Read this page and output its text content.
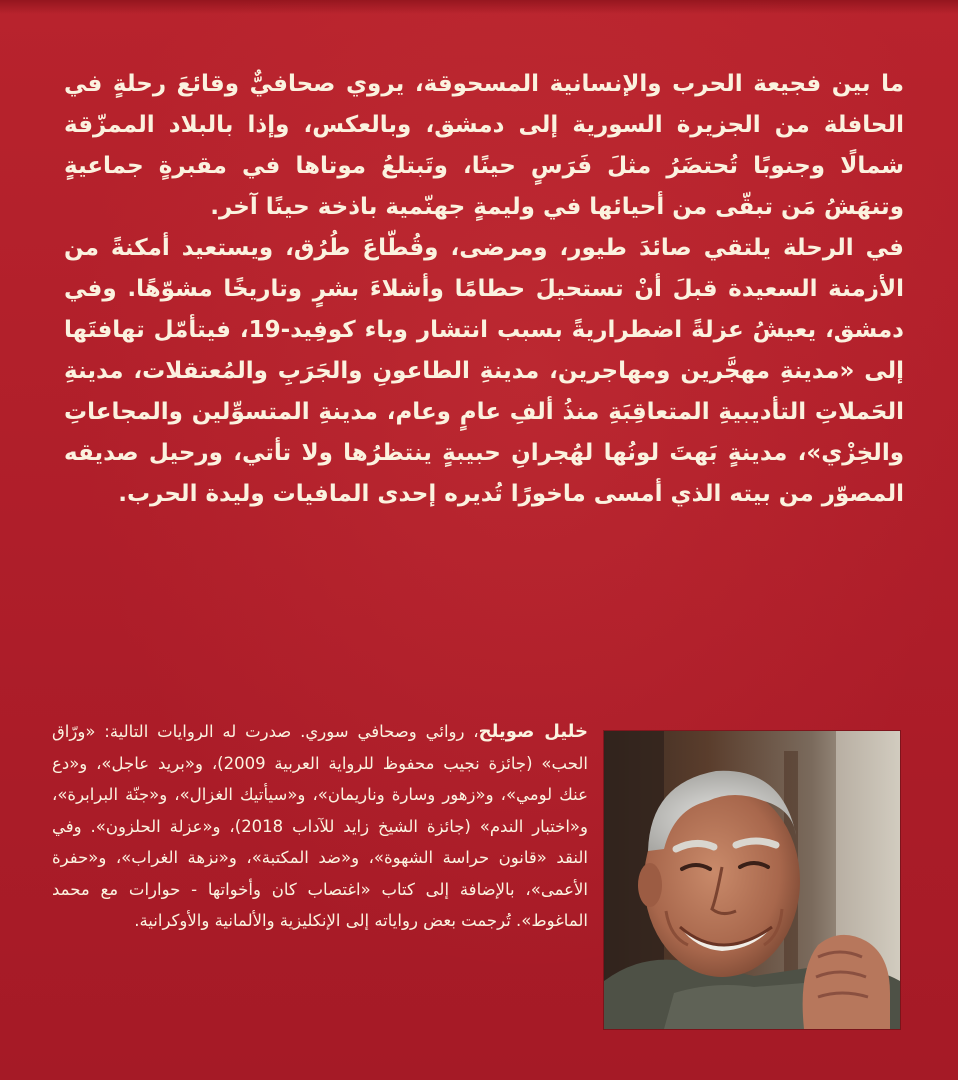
ما بين فجيعة الحرب والإنسانية المسحوقة، يروي صحافيٌّ وقائعَ رحلةٍ في الحافلة من الجزيرة السورية إلى دمشق، وبالعكس، وإذا بالبلاد الممزّقة شمالًا وجنوبًا تُحتضَرُ مثلَ فَرَسٍ حينًا، وتَبتلعُ موتاها في مقبرةٍ جماعيةٍ وتنهَشُ مَن تبقّى من أحيائها في وليمةٍ جهنّمية باذخة حينًا آخر.

في الرحلة يلتقي صائدَ طيور، ومرضى، وقُطّاعَ طُرُق، ويستعيد أمكنةً من الأزمنة السعيدة قبلَ أنْ تستحيلَ حطامًا وأشلاءَ بشرٍ وتاريخًا مشوّهًا. وفي دمشق، يعيشُ عزلةً اضطراريةً بسبب انتشار وباء كوفِيد-19، فيتأمّل تهافتَها إلى «مدينةِ مهجَّرين ومهاجرين، مدينةِ الطاعونِ والجَرَبِ والمُعتقلات، مدينةِ الحَملاتِ التأديبيةِ المتعاقِبَةِ منذُ ألفِ عامٍ وعام، مدينةِ المتسوِّلين والمجاعاتِ والخِزْي»، مدينةٍ بَهتَ لونُها لهُجرانِ حبيبةٍ ينتظرُها ولا تأتي، ورحيل صديقه المصوّر من بيته الذي أمسى ماخورًا تُديره إحدى المافيات وليدة الحرب.

خليل صويلح، روائي وصحافي سوري. صدرت له الروايات التالية: «ورّاق الحب» (جائزة نجيب محفوظ للرواية العربية 2009)، و«بريد عاجل»، و«دع عنك لومي»، و«زهور وسارة وناريمان»، و«سيأتيك الغزال»، و«جنّة البرابرة»، و«اختبار الندم» (جائزة الشيخ زايد للآداب 2018)، و«عزلة الحلزون». وفي النقد «قانون حراسة الشهوة»، و«ضد المكتبة»، و«نزهة الغراب»، و«حفرة الأعمى»، بالإضافة إلى كتاب «اغتصاب كان وأخواتها - حوارات مع محمد الماغوط». تُرجمت بعض رواياته إلى الإنكليزية والألمانية والأوكرانية.
